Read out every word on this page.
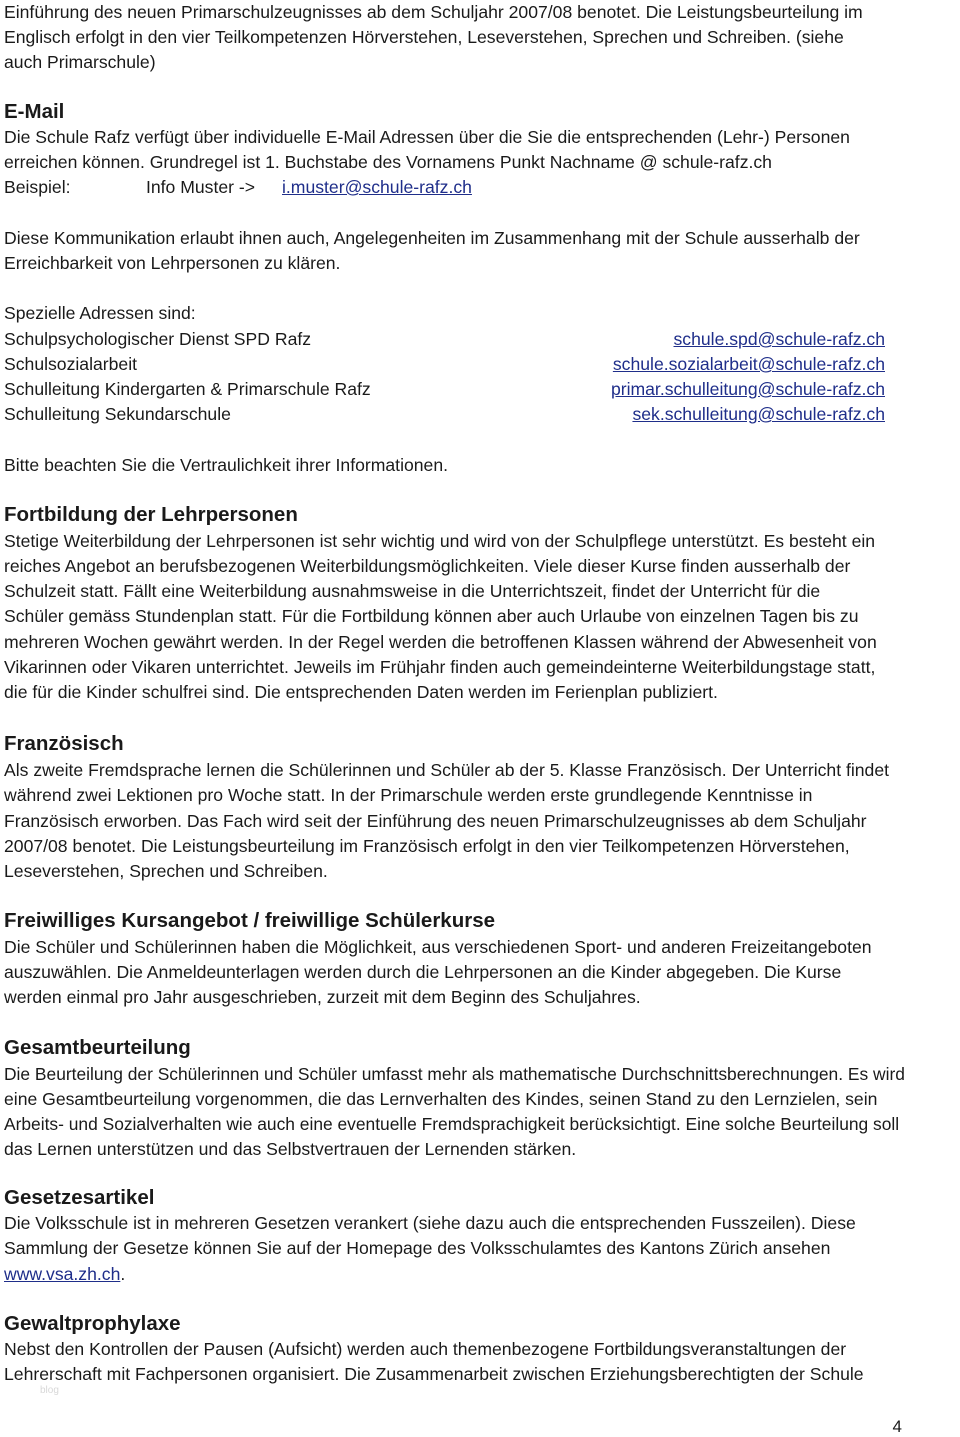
Einführung des neuen Primarschulzeugnisses ab dem Schuljahr 2007/08 benotet. Die Leistungsbeurteilung im
Englisch erfolgt in den vier Teilkompetenzen Hörverstehen, Leseverstehen, Sprechen und Schreiben. (siehe
auch Primarschule)
E-Mail
Die Schule Rafz verfügt über individuelle E-Mail Adressen über die Sie die entsprechenden (Lehr-) Personen
erreichen können. Grundregel ist 1. Buchstabe des Vornamens Punkt Nachname @ schule-rafz.ch
Beispiel:	Info Muster -> i.muster@schule-rafz.ch
Diese Kommunikation erlaubt ihnen auch, Angelegenheiten im Zusammenhang mit der Schule ausserhalb der
Erreichbarkeit von Lehrpersonen zu klären.
Spezielle Adressen sind:
Schulpsychologischer Dienst SPD Rafz	schule.spd@schule-rafz.ch
Schulsozialarbeit	schule.sozialarbeit@schule-rafz.ch
Schulleitung Kindergarten & Primarschule Rafz	primar.schulleitung@schule-rafz.ch
Schulleitung Sekundarschule	sek.schulleitung@schule-rafz.ch
Bitte beachten Sie die Vertraulichkeit ihrer Informationen.
Fortbildung der Lehrpersonen
Stetige Weiterbildung der Lehrpersonen ist sehr wichtig und wird von der Schulpflege unterstützt. Es besteht ein
reiches Angebot an berufsbezogenen Weiterbildungsmöglichkeiten. Viele dieser Kurse finden ausserhalb der
Schulzeit statt. Fällt eine Weiterbildung ausnahmsweise in die Unterrichtszeit, findet der Unterricht für die
Schüler gemäss Stundenplan statt. Für die Fortbildung können aber auch Urlaube von einzelnen Tagen bis zu
mehreren Wochen gewährt werden. In der Regel werden die betroffenen Klassen während der Abwesenheit von
Vikarinnen oder Vikaren unterrichtet. Jeweils im Frühjahr finden auch gemeindeinterne Weiterbildungstage statt,
die für die Kinder schulfrei sind. Die entsprechenden Daten werden im Ferienplan publiziert.
Französisch
Als zweite Fremdsprache lernen die Schülerinnen und Schüler ab der 5. Klasse Französisch. Der Unterricht findet
während zwei Lektionen pro Woche statt. In der Primarschule werden erste grundlegende Kenntnisse in
Französisch erworben. Das Fach wird seit der Einführung des neuen Primarschulzeugnisses ab dem Schuljahr
2007/08 benotet. Die Leistungsbeurteilung im Französisch erfolgt in den vier Teilkompetenzen Hörverstehen,
Leseverstehen, Sprechen und Schreiben.
Freiwilliges Kursangebot / freiwillige Schülerkurse
Die Schüler und Schülerinnen haben die Möglichkeit, aus verschiedenen Sport- und anderen Freizeitangeboten
auszuwählen. Die Anmeldeunterlagen werden durch die Lehrpersonen an die Kinder abgegeben. Die Kurse
werden einmal pro Jahr ausgeschrieben, zurzeit mit dem Beginn des Schuljahres.
Gesamtbeurteilung
Die Beurteilung der Schülerinnen und Schüler umfasst mehr als mathematische Durchschnittsberechnungen. Es wird
eine Gesamtbeurteilung vorgenommen, die das Lernverhalten des Kindes, seinen Stand zu den Lernzielen, sein
Arbeits- und Sozialverhalten wie auch eine eventuelle Fremdsprachigkeit berücksichtigt. Eine solche Beurteilung soll
das Lernen unterstützen und das Selbstvertrauen der Lernenden stärken.
Gesetzesartikel
Die Volksschule ist in mehreren Gesetzen verankert (siehe dazu auch die entsprechenden Fusszeilen). Diese
Sammlung der Gesetze können Sie auf der Homepage des Volksschulamtes des Kantons Zürich ansehen
www.vsa.zh.ch.
Gewaltprophylaxe
Nebst den Kontrollen der Pausen (Aufsicht) werden auch themenbezogene Fortbildungsveranstaltungen der
Lehrerschaft mit Fachpersonen organisiert. Die Zusammenarbeit zwischen Erziehungsberechtigten der Schule
blog
4
